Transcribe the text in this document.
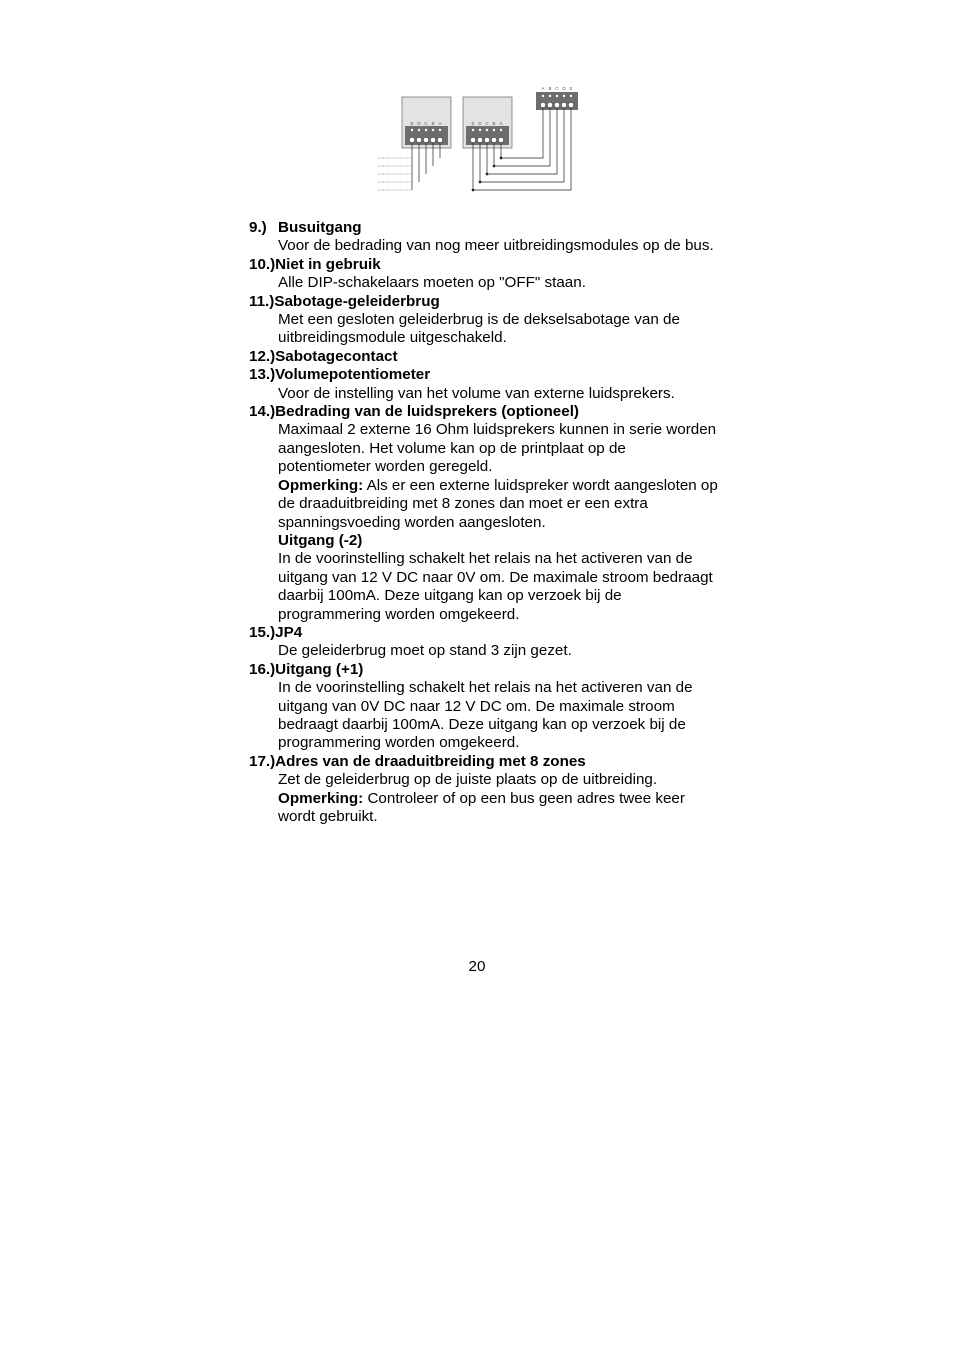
E D C B A	E D C B A
A B C D E
9.) Busuitgang

Voor de bedrading van nog meer uitbreidingsmodules op de bus.

10.) Niet in gebruik

Alle DIP-schakelaars moeten op "OFF" staan.

11.) Sabotage-geleiderbrug

Met een gesloten geleiderbrug is de dekselsabotage van de uitbreidingsmodule uitgeschakeld.

12.) Sabotagecontact
13.) Volumepotentiometer

Voor de instelling van het volume van externe luidsprekers.

14.) Bedrading van de luidsprekers (optioneel)

Maximaal 2 externe 16 Ohm luidsprekers kunnen in serie worden aangesloten. Het volume kan op de printplaat op de potentiometer worden geregeld.

Opmerking: Als er een externe luidspreker wordt aangesloten op de draaduitbreiding met 8 zones dan moet er een extra spanningsvoeding worden aangesloten.

Uitgang (-2)

In de voorinstelling schakelt het relais na het activeren van de uitgang van 12 V DC naar 0V om. De maximale stroom bedraagt daarbij 100mA. Deze uitgang kan op verzoek bij de programmering worden omgekeerd.

15.) JP4

De geleiderbrug moet op stand 3 zijn gezet.

16.) Uitgang (+1)

In de voorinstelling schakelt het relais na het activeren van de uitgang van 0V DC naar 12 V DC om. De maximale stroom bedraagt daarbij 100mA. Deze uitgang kan op verzoek bij de programmering worden omgekeerd.

17.) Adres van de draaduitbreiding met 8 zones

Zet de geleiderbrug op de juiste plaats op de uitbreiding.

Opmerking: Controleer of op een bus geen adres twee keer wordt gebruikt.

20
